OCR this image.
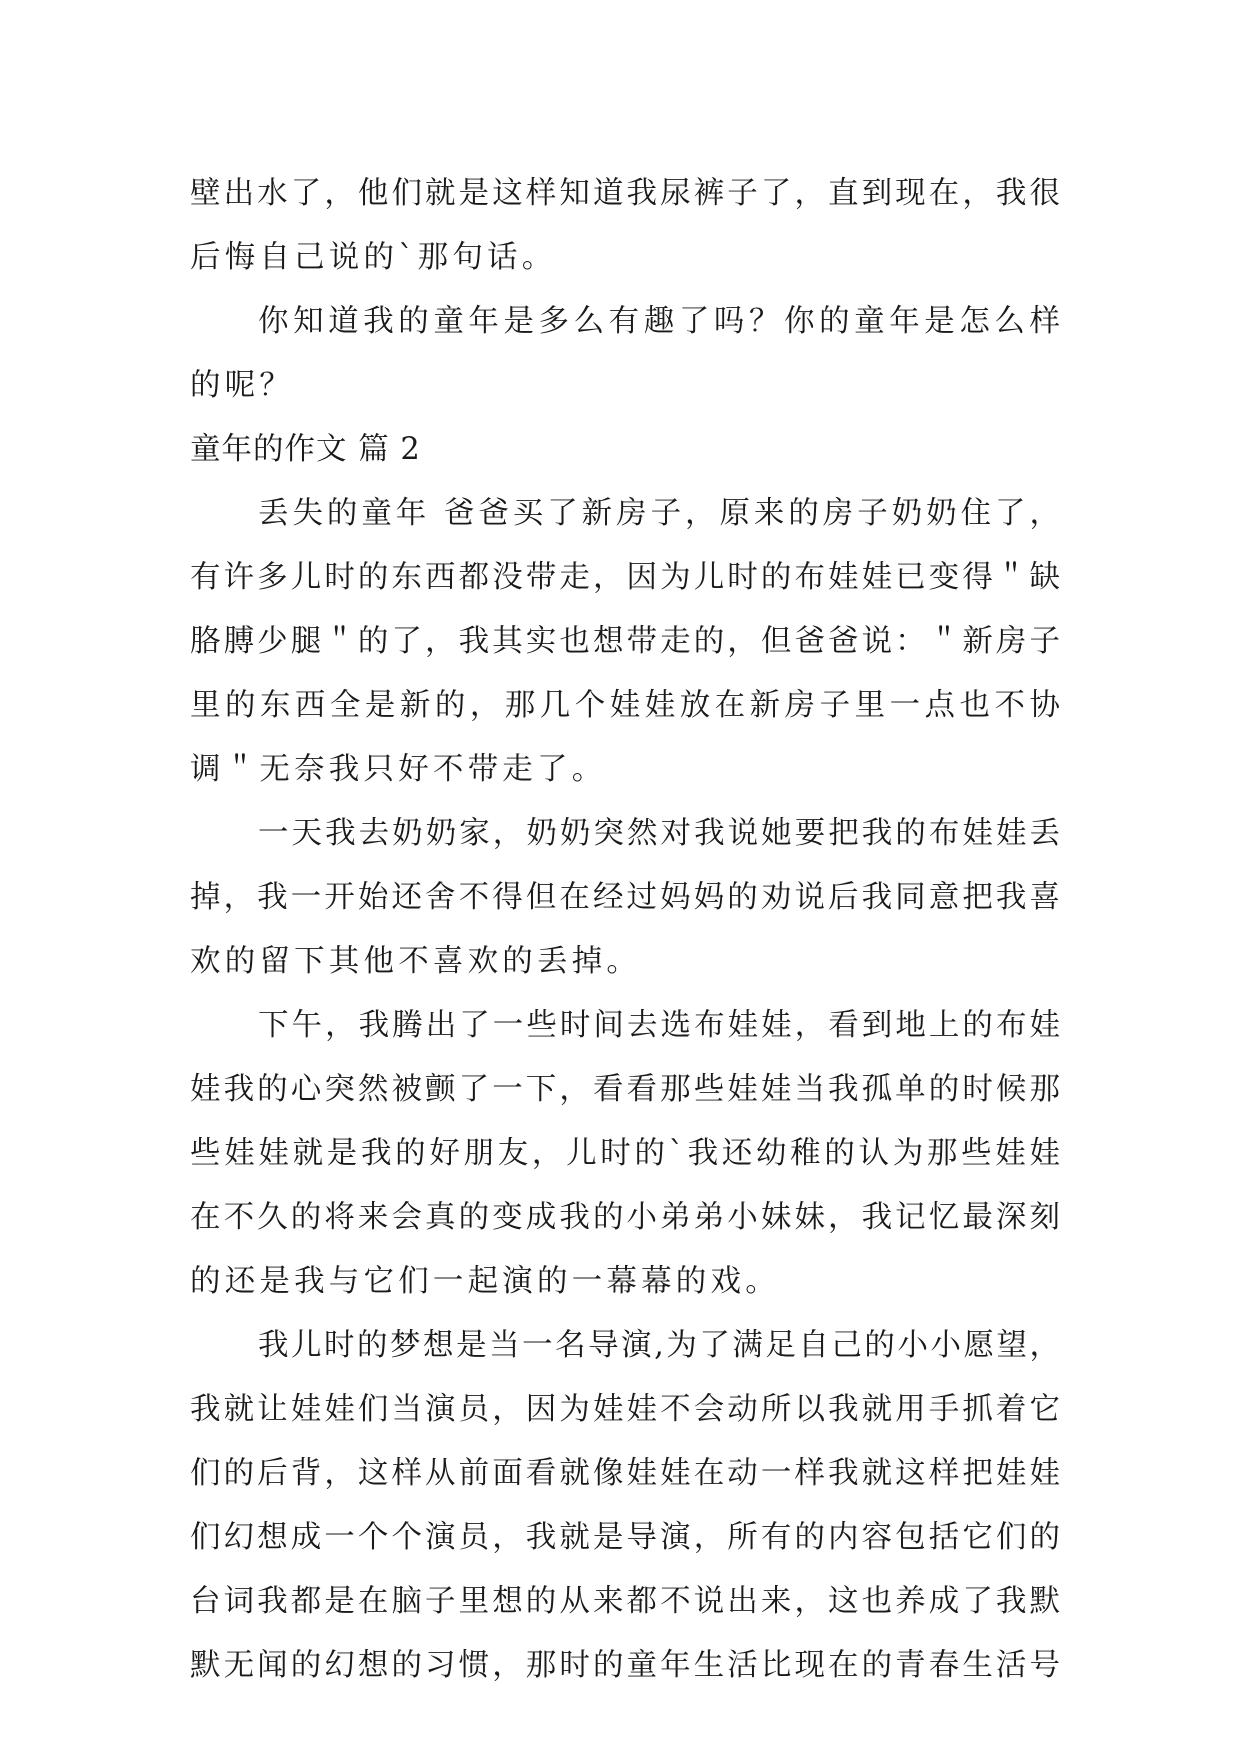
壁出水了，他们就是这样知道我尿裤子了，直到现在，我很
后悔自己说的`那句话。
你知道我的童年是多么有趣了吗？你的童年是怎么样
的呢？
童年的作文 篇 2
丢失的童年 爸爸买了新房子，原来的房子奶奶住了，
有许多儿时的东西都没带走，因为儿时的布娃娃已变得＂缺
胳膊少腿＂的了，我其实也想带走的，但爸爸说：＂新房子
里的东西全是新的，那几个娃娃放在新房子里一点也不协
调＂无奈我只好不带走了。
一天我去奶奶家，奶奶突然对我说她要把我的布娃娃丢
掉，我一开始还舍不得但在经过妈妈的劝说后我同意把我喜
欢的留下其他不喜欢的丢掉。
下午，我腾出了一些时间去选布娃娃，看到地上的布娃
娃我的心突然被颤了一下，看看那些娃娃当我孤单的时候那
些娃娃就是我的好朋友，儿时的`我还幼稚的认为那些娃娃
在不久的将来会真的变成我的小弟弟小妹妹，我记忆最深刻
的还是我与它们一起演的一幕幕的戏。
我儿时的梦想是当一名导演,为了满足自己的小小愿望，
我就让娃娃们当演员，因为娃娃不会动所以我就用手抓着它
们的后背，这样从前面看就像娃娃在动一样我就这样把娃娃
们幻想成一个个演员，我就是导演，所有的内容包括它们的
台词我都是在脑子里想的从来都不说出来，这也养成了我默
默无闻的幻想的习惯，那时的童年生活比现在的青春生活号
